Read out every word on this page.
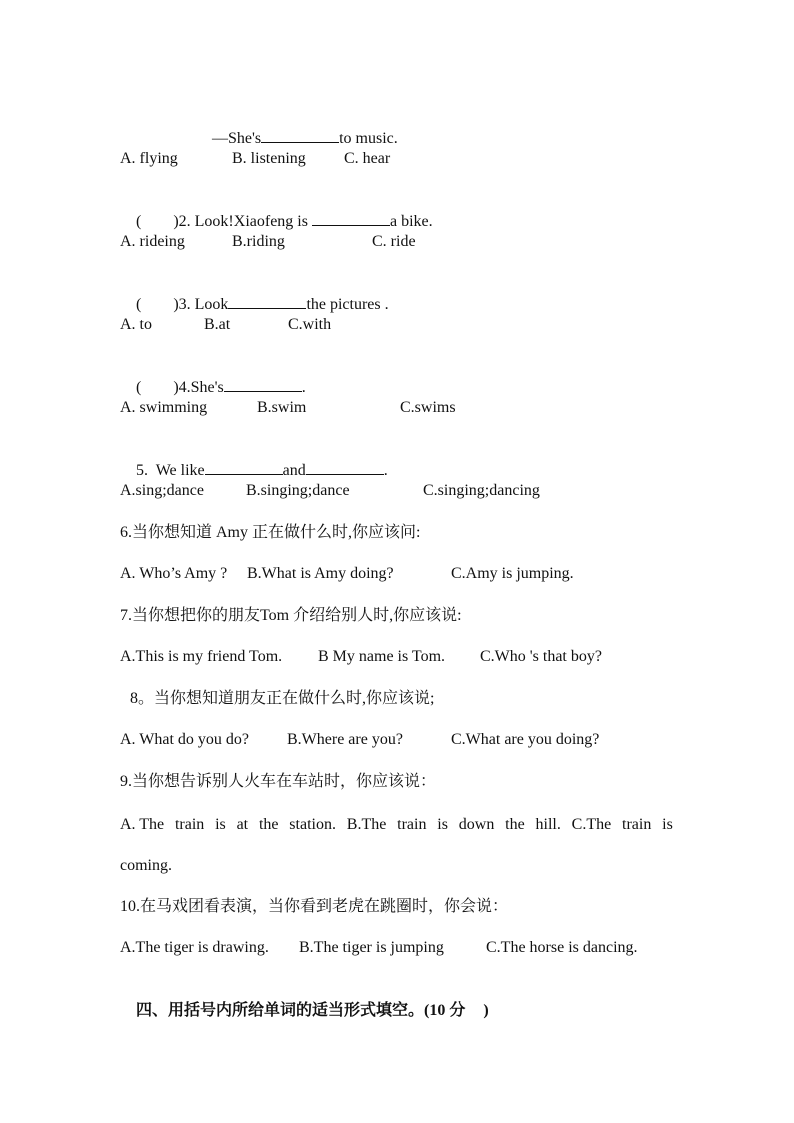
—She's	to music.

A. flying	B. listening C. hear

(        )2. Look!Xiaofeng is	a bike.

A. rideing	B.riding	C. ride

(        )3. Look	the pictures .

A. to	B.at	C.with

(        )4.She's	.

A. swimming	B.swim	C.swims

5.  We like	and	.

A.sing;dance	B.singing;dance	C.singing;dancing
6.当你想知道 Amy 正在做什么时,你应该问:
A. Who’s Amy ? B.What is Amy doing?	C.Amy is jumping.
7.当你想把你的朋友Tom 介绍给别人时,你应该说:
A.This is my friend Tom. B My name is Tom. C.Who 's that boy?
8。当你想知道朋友正在做什么时,你应该说;
A. What do you do? B.Where are you?	C.What are you doing?
9.当你想告诉别人火车在车站时，你应该说：
A. The train is at the station. B.The train is down the hill. C.The train is
coming.
10.在马戏团看表演，当你看到老虎在跳圈时，你会说：
A.The tiger is drawing. B.The tiger is jumping	C.The horse is dancing.

四、用括号内所给单词的适当形式填空。(10 分 )
